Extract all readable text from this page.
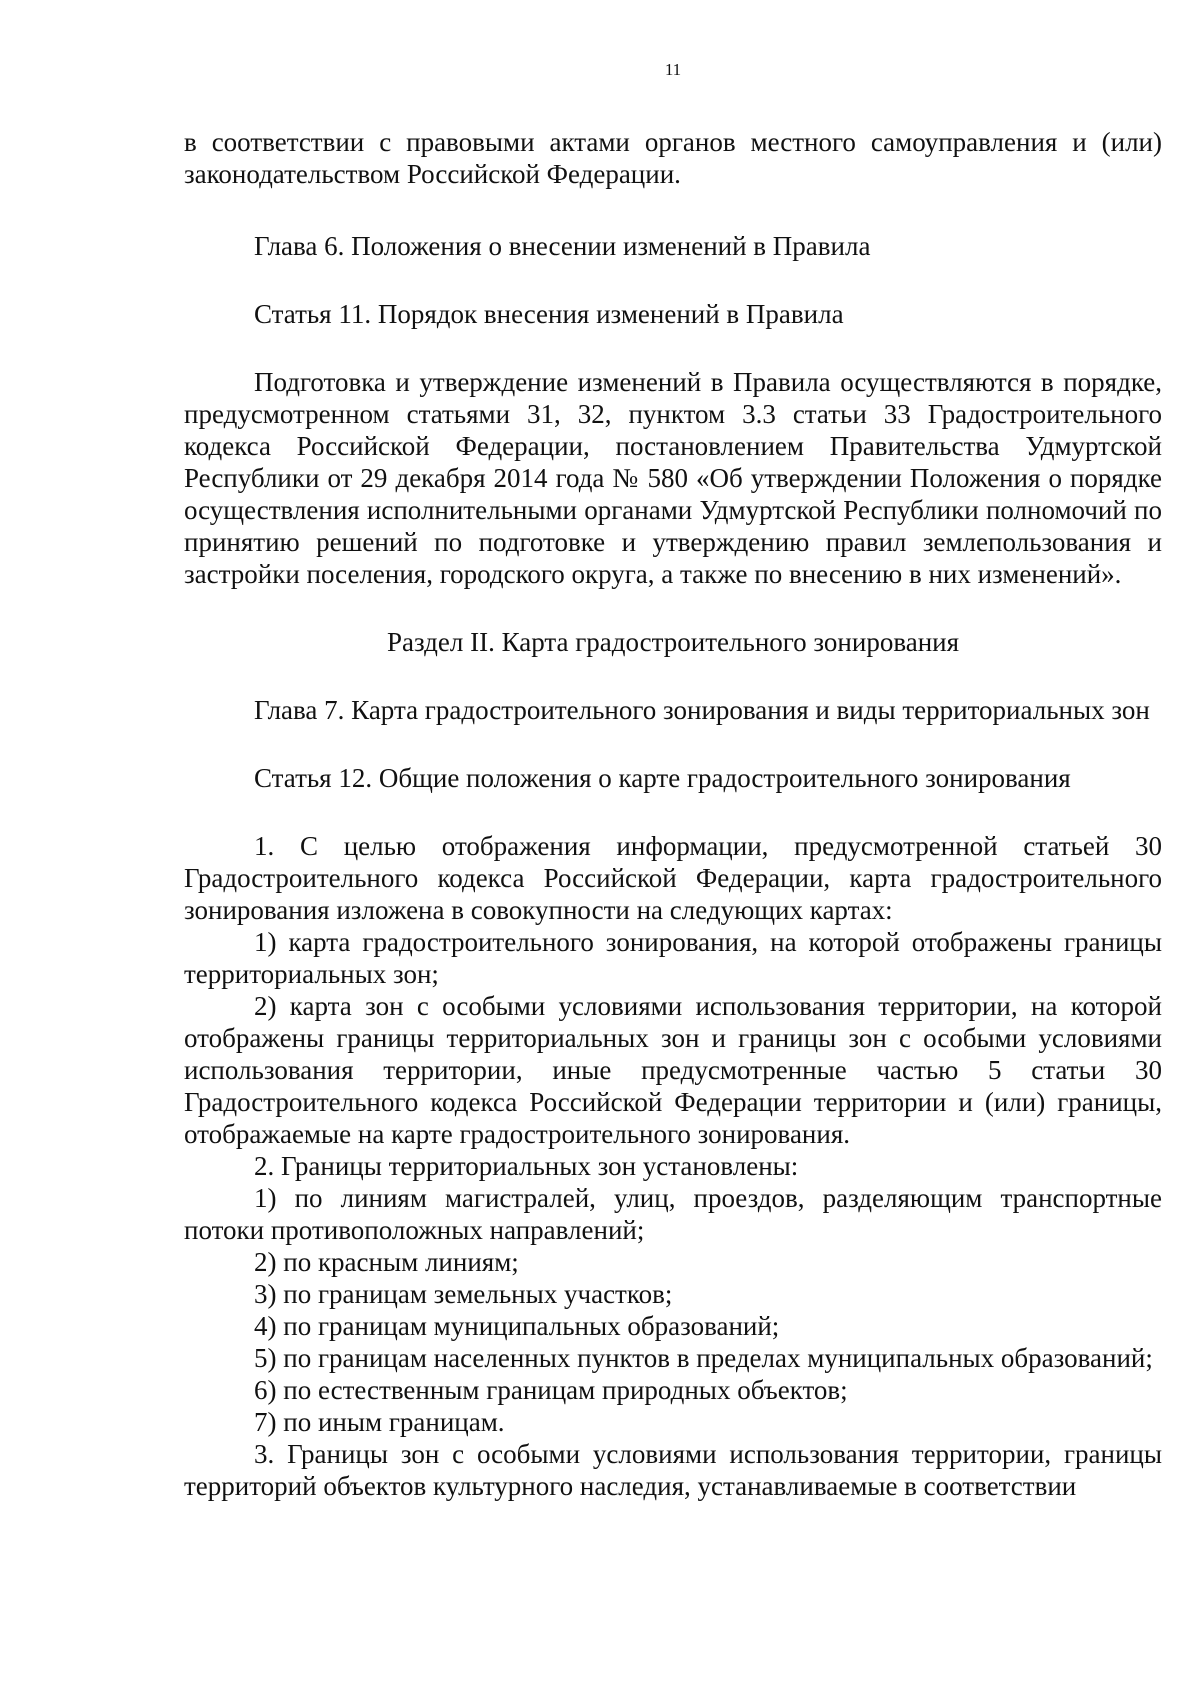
11

в соответствии с правовыми актами органов местного самоуправления и (или) законодательством Российской Федерации.

Глава 6. Положения о внесении изменений в Правила

Статья 11. Порядок внесения изменений в Правила

Подготовка и утверждение изменений в Правила осуществляются в порядке, предусмотренном статьями 31, 32, пунктом 3.3 статьи 33 Градостроительного кодекса Российской Федерации, постановлением Правительства Удмуртской Республики от 29 декабря 2014 года № 580 «Об утверждении Положения о порядке осуществления исполнительными органами Удмуртской Республики полномочий по принятию решений по подготовке и утверждению правил землепользования и застройки поселения, городского округа, а также по внесению в них изменений».

Раздел II. Карта градостроительного зонирования

Глава 7. Карта градостроительного зонирования и виды территориальных зон

Статья 12. Общие положения о карте градостроительного зонирования

1. С целью отображения информации, предусмотренной статьей 30 Градостроительного кодекса Российской Федерации, карта градостроительного зонирования изложена в совокупности на следующих картах:

1) карта градостроительного зонирования, на которой отображены границы территориальных зон;

2) карта зон с особыми условиями использования территории, на которой отображены границы территориальных зон и границы зон с особыми условиями использования территории, иные предусмотренные частью 5 статьи 30 Градостроительного кодекса Российской Федерации территории и (или) границы, отображаемые на карте градостроительного зонирования.

2. Границы территориальных зон установлены:

1) по линиям магистралей, улиц, проездов, разделяющим транспортные потоки противоположных направлений;

2) по красным линиям;

3) по границам земельных участков;

4) по границам муниципальных образований;

5) по границам населенных пунктов в пределах муниципальных образований;

6) по естественным границам природных объектов;

7) по иным границам.

3. Границы зон с особыми условиями использования территории, границы территорий объектов культурного наследия, устанавливаемые в соответствии
